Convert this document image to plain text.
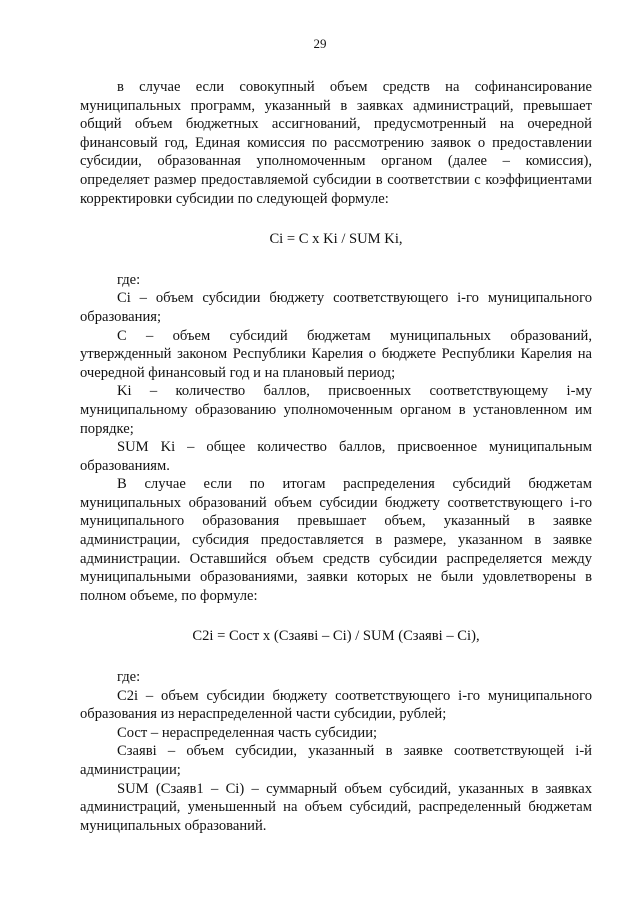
29

в случае если совокупный объем средств на софинансирование муниципальных программ, указанный в заявках администраций, превышает общий объем бюджетных ассигнований, предусмотренный на очередной финансовый год, Единая комиссия по рассмотрению заявок о предоставлении субсидии, образованная уполномоченным органом (далее – комиссия), определяет размер предоставляемой субсидии в соответствии с коэффициентами корректировки субсидии по следующей формуле:

Ci = C x Ki / SUM Ki,

где:

Ci – объем субсидии бюджету соответствующего i-го муниципального образования;

C – объем субсидий бюджетам муниципальных образований, утвержденный законом Республики Карелия о бюджете Республики Карелия на очередной финансовый год и на плановый период;

Ki – количество баллов, присвоенных соответствующему i-му муниципальному образованию уполномоченным органом в установленном им порядке;

SUM Ki – общее количество баллов, присвоенное муниципальным образованиям.

В случае если по итогам распределения субсидий бюджетам муниципальных образований объем субсидии бюджету соответствующего i-го муниципального образования превышает объем, указанный в заявке администрации, субсидия предоставляется в размере, указанном в заявке администрации. Оставшийся объем средств субсидии распределяется между муниципальными образованиями, заявки которых не были удовлетворены в полном объеме, по формуле:

C2i = Cост x (Cзаявi – Ci) / SUM (Cзаявi – Ci),

где:

C2i – объем субсидии бюджету соответствующего i-го муниципального образования из нераспределенной части субсидии, рублей;

Cост – нераспределенная часть субсидии;

Cзаявi – объем субсидии, указанный в заявке соответствующей i-й администрации;

SUM (Cзаяв1 – Ci) – суммарный объем субсидий, указанных в заявках администраций, уменьшенный на объем субсидий, распределенный бюджетам муниципальных образований.
